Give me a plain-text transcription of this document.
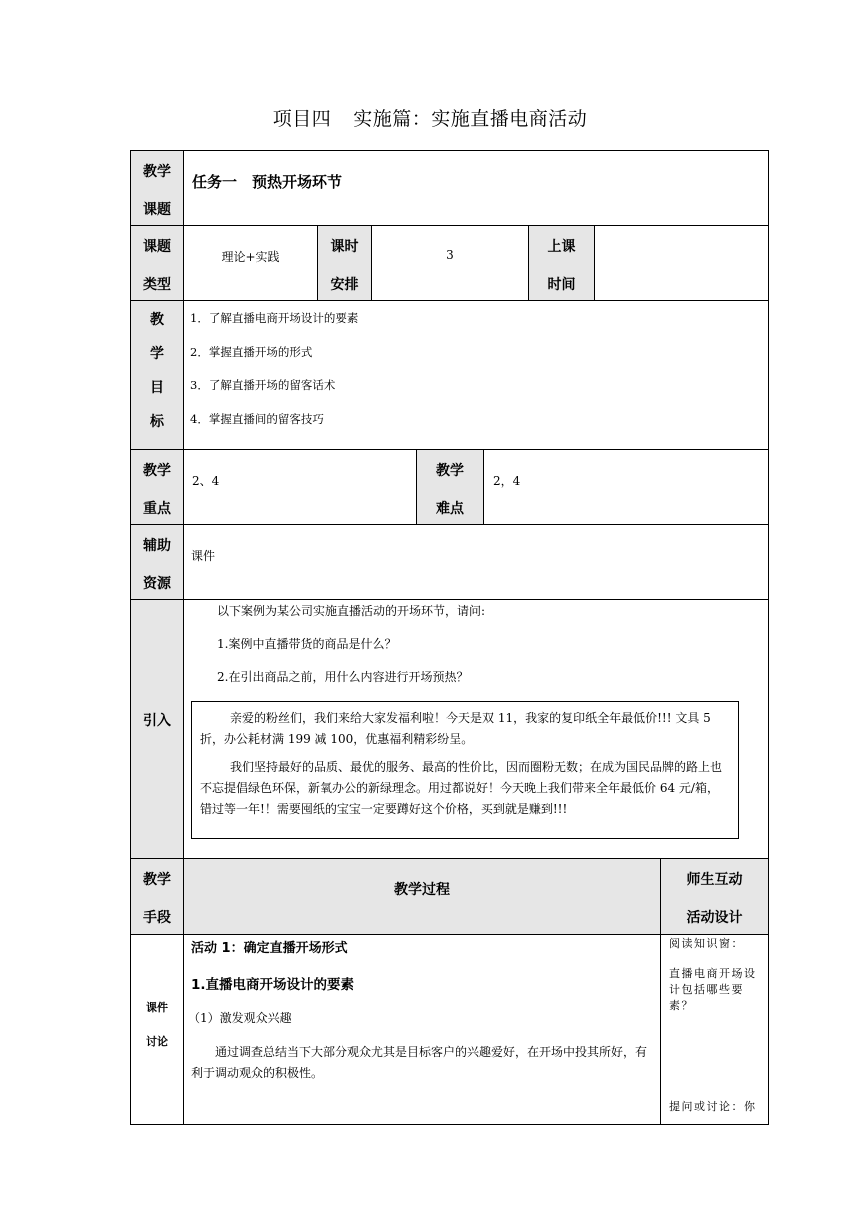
项目四 实施篇：实施直播电商活动
教学
课题
任务一　预热开场环节
课题
类型
理论+实践
课时
安排
3	上课
时间
教
学
目
标
1．了解直播电商开场设计的要素
2．掌握直播开场的形式
3．了解直播开场的留客话术
4．掌握直播间的留客技巧
教学
重点
2、4
教学
难点
2，4
辅助
资源
课件
引入
以下案例为某公司实施直播活动的开场环节，请问:
1.案例中直播带货的商品是什么？
2.在引出商品之前，用什么内容进行开场预热？
亲爱的粉丝们，我们来给大家发福利啦！今天是双 11，我家的复印纸全年最低价!!! 文具 5 折，办公耗材满 199 减 100，优惠福利精彩纷呈。
我们坚持最好的品质、最优的服务、最高的性价比，因而圈粉无数；在成为国民品牌的路上也不忘提倡绿色环保，新氧办公的新绿理念。用过都说好！今天晚上我们带来全年最低价 64 元/箱，错过等一年!！需要囤纸的宝宝一定要蹲好这个价格，买到就是赚到!!!
教学
手段
教学过程
师生互动
活动设计
课件
讨论
活动 1：确定直播开场形式
1.直播电商开场设计的要素
（1）激发观众兴趣
通过调查总结当下大部分观众尤其是目标客户的兴趣爱好，在开场中投其所好，有利于调动观众的积极性。
阅读知识窗：
直播电商开场设计包括哪些要素？
提问或讨论：你
